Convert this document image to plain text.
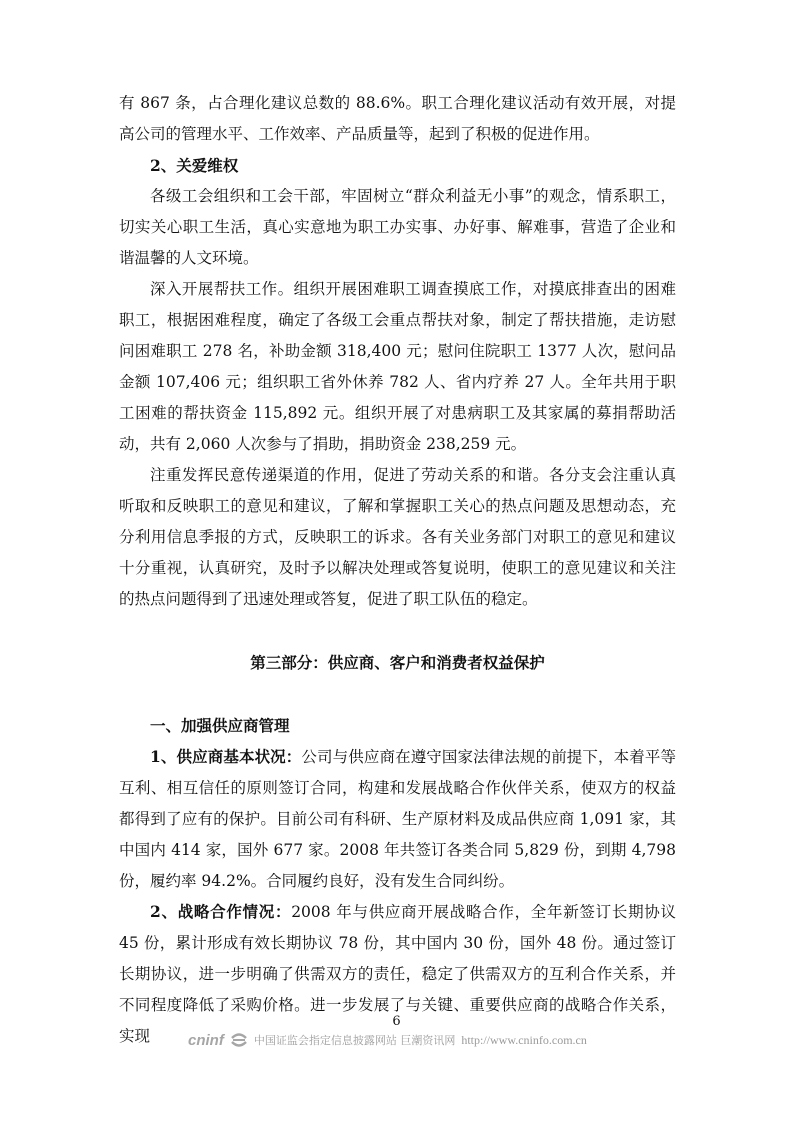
有 867 条，占合理化建议总数的 88.6%。职工合理化建议活动有效开展，对提高公司的管理水平、工作效率、产品质量等，起到了积极的促进作用。

2、关爱维权

各级工会组织和工会干部，牢固树立“群众利益无小事”的观念，情系职工，切实关心职工生活，真心实意地为职工办实事、办好事、解难事，营造了企业和谐温馨的人文环境。

深入开展帮扶工作。组织开展困难职工调查摸底工作，对摸底排查出的困难职工，根据困难程度，确定了各级工会重点帮扶对象，制定了帮扶措施，走访慰问困难职工 278 名，补助金额 318,400 元；慰问住院职工 1377 人次，慰问品金额 107,406 元；组织职工省外休养 782 人、省内疗养 27 人。全年共用于职工困难的帮扶资金 115,892 元。组织开展了对患病职工及其家属的募捐帮助活动，共有 2,060 人次参与了捐助，捐助资金 238,259 元。

注重发挥民意传递渠道的作用，促进了劳动关系的和谐。各分支会注重认真听取和反映职工的意见和建议，了解和掌握职工关心的热点问题及思想动态，充分利用信息季报的方式，反映职工的诉求。各有关业务部门对职工的意见和建议十分重视，认真研究，及时予以解决处理或答复说明，使职工的意见建议和关注的热点问题得到了迅速处理或答复，促进了职工队伍的稳定。

第三部分：供应商、客户和消费者权益保护

一、加强供应商管理

1、供应商基本状况：公司与供应商在遵守国家法律法规的前提下，本着平等互利、相互信任的原则签订合同，构建和发展战略合作伙伴关系，使双方的权益都得到了应有的保护。目前公司有科研、生产原材料及成品供应商 1,091 家，其中国内 414 家，国外 677 家。2008 年共签订各类合同 5,829 份，到期 4,798 份，履约率 94.2%。合同履约良好，没有发生合同纠纷。

2、战略合作情况：2008 年与供应商开展战略合作，全年新签订长期协议 45 份，累计形成有效长期协议 78 份，其中国内 30 份，国外 48 份。通过签订长期协议，进一步明确了供需双方的责任，稳定了供需双方的互利合作关系，并不同程度降低了采购价格。进一步发展了与关键、重要供应商的战略合作关系，实现

6
cninf	中国证监会指定信息披露网站 巨潮资讯网 http://www.cninfo.com.cn
